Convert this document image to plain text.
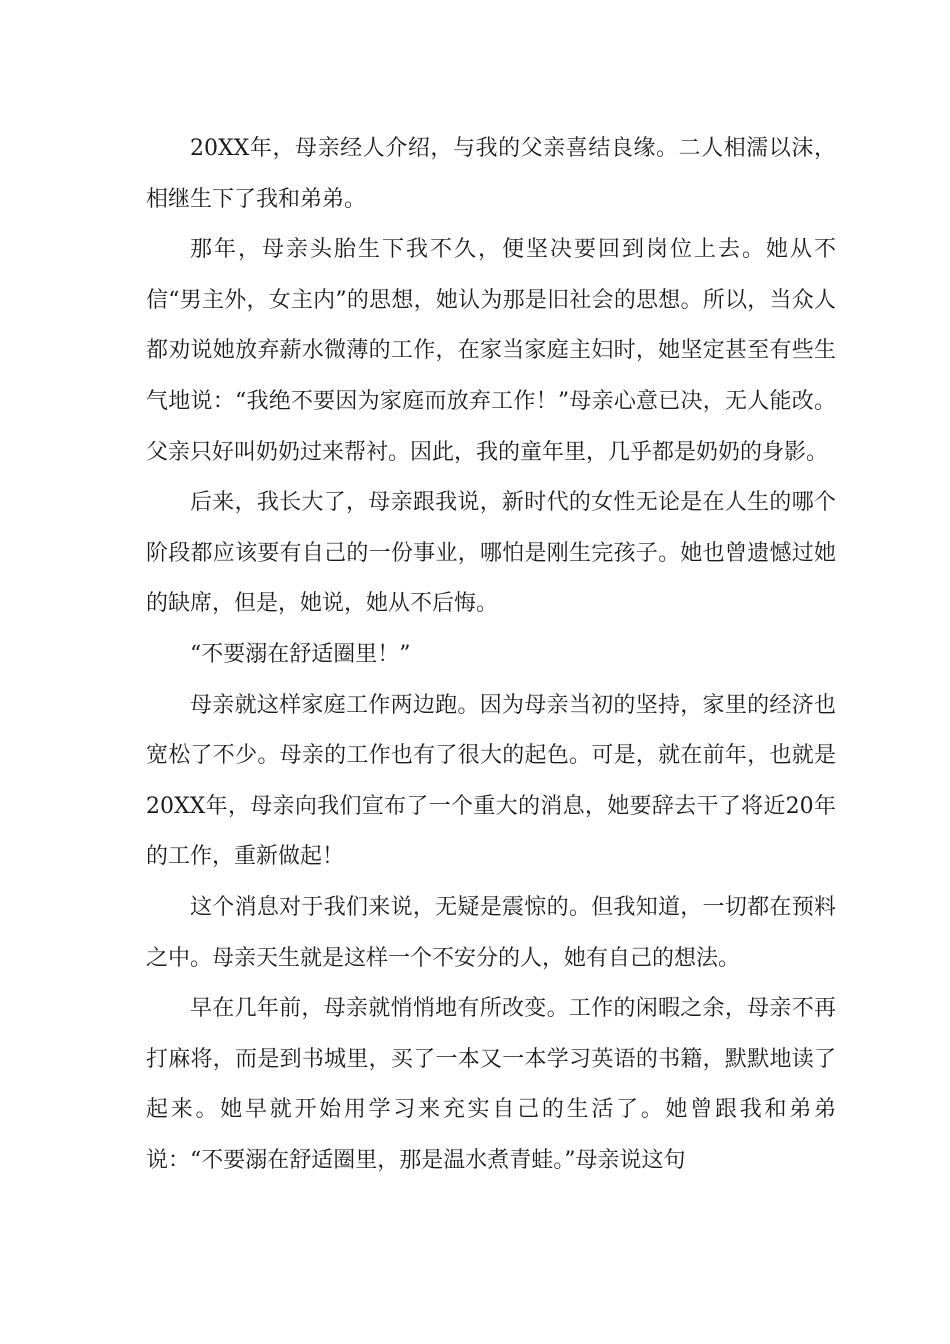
20XX年，母亲经人介绍，与我的父亲喜结良缘。二人相濡以沫，相继生下了我和弟弟。

那年，母亲头胎生下我不久，便坚决要回到岗位上去。她从不信“男主外，女主内”的思想，她认为那是旧社会的思想。所以，当众人都劝说她放弃薪水微薄的工作，在家当家庭主妇时，她坚定甚至有些生气地说：“我绝不要因为家庭而放弃工作！”母亲心意已决，无人能改。父亲只好叫奶奶过来帮衬。因此，我的童年里，几乎都是奶奶的身影。

后来，我长大了，母亲跟我说，新时代的女性无论是在人生的哪个阶段都应该要有自己的一份事业，哪怕是刚生完孩子。她也曾遗憾过她的缺席，但是，她说，她从不后悔。

“不要溺在舒适圈里！”

母亲就这样家庭工作两边跑。因为母亲当初的坚持，家里的经济也宽松了不少。母亲的工作也有了很大的起色。可是，就在前年，也就是20XX年，母亲向我们宣布了一个重大的消息，她要辞去干了将近20年的工作，重新做起！

这个消息对于我们来说，无疑是震惊的。但我知道，一切都在预料之中。母亲天生就是这样一个不安分的人，她有自己的想法。

早在几年前，母亲就悄悄地有所改变。工作的闲暇之余，母亲不再打麻将，而是到书城里，买了一本又一本学习英语的书籍，默默地读了起来。她早就开始用学习来充实自己的生活了。她曾跟我和弟弟说：“不要溺在舒适圈里，那是温水煮青蛙。”母亲说这句
